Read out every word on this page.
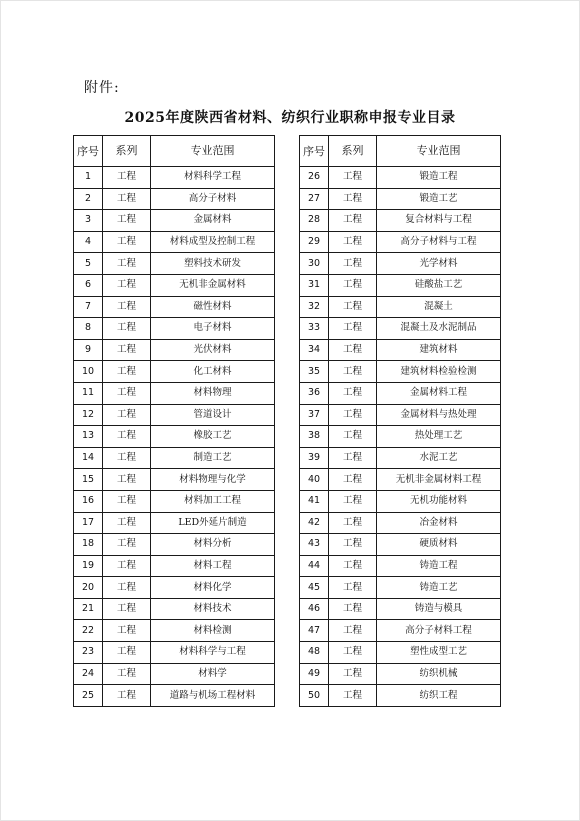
附件:
2025年度陕西省材料、纺织行业职称申报专业目录
序号	系列	专业范围
1	工程	材料科学工程
2	工程	高分子材料
3	工程	金属材料
4	工程	材料成型及控制工程
5	工程	塑料技术研发
6	工程	无机非金属材料
7	工程	磁性材料
8	工程	电子材料
9	工程	光伏材料
10	工程	化工材料
11	工程	材料物理
12	工程	管道设计
13	工程	橡胶工艺
14	工程	制造工艺
15	工程	材料物理与化学
16	工程	材料加工工程
17	工程	LED外延片制造
18	工程	材料分析
19	工程	材料工程
20	工程	材料化学
21	工程	材料技术
22	工程	材料检测
23	工程	材料科学与工程
24	工程	材料学
25	工程	道路与机场工程材料
序号	系列	专业范围
26	工程	锻造工程
27	工程	锻造工艺
28	工程	复合材料与工程
29	工程	高分子材料与工程
30	工程	光学材料
31	工程	硅酸盐工艺
32	工程	混凝土
33	工程	混凝土及水泥制品
34	工程	建筑材料
35	工程	建筑材料检验检测
36	工程	金属材料工程
37	工程	金属材料与热处理
38	工程	热处理工艺
39	工程	水泥工艺
40	工程	无机非金属材料工程
41	工程	无机功能材料
42	工程	冶金材料
43	工程	硬质材料
44	工程	铸造工程
45	工程	铸造工艺
46	工程	铸造与模具
47	工程	高分子材料工程
48	工程	塑性成型工艺
49	工程	纺织机械
50	工程	纺织工程
